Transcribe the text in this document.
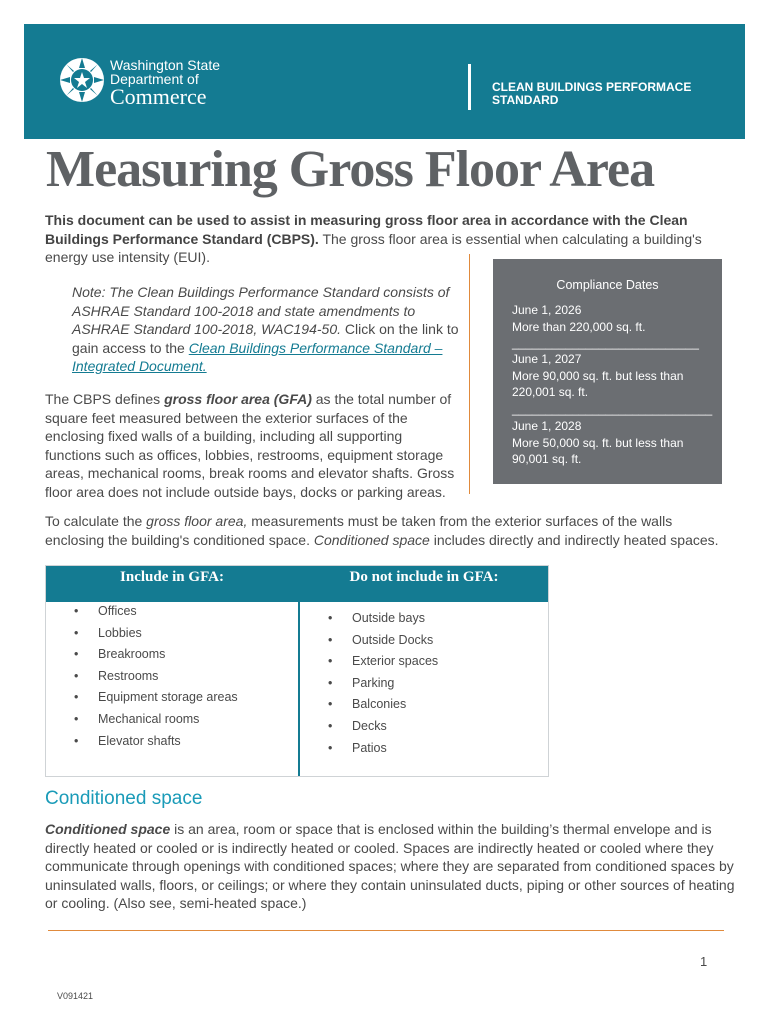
Washington State
Department of
Commerce	CLEAN BUILDINGS PERFORMACE STANDARD
Measuring Gross Floor Area

This document can be used to assist in measuring gross floor area in accordance with the Clean Buildings Performance Standard (CBPS). The gross floor area is essential when calculating a building's energy use intensity (EUI).

Note: The Clean Buildings Performance Standard consists of ASHRAE Standard 100-2018 and state amendments to ASHRAE Standard 100-2018, WAC194-50. Click on the link to gain access to the Clean Buildings Performance Standard – Integrated Document.

The CBPS defines gross floor area (GFA) as the total number of square feet measured between the exterior surfaces of the enclosing fixed walls of a building, including all supporting functions such as offices, lobbies, restrooms, equipment storage areas, mechanical rooms, break rooms and elevator shafts. Gross floor area does not include outside bays, docks or parking areas.

Compliance Dates
June 1, 2026
More than 220,000 sq. ft.
____________________________
June 1, 2027
More 90,000 sq. ft. but less than 220,001 sq. ft.
______________________________
June 1, 2028
More 50,000 sq. ft. but less than 90,001 sq. ft.

To calculate the gross floor area, measurements must be taken from the exterior surfaces of the walls enclosing the building's conditioned space. Conditioned space includes directly and indirectly heated spaces.

Include in GFA:	Do not include in GFA:
• Offices
• Lobbies
• Breakrooms
• Restrooms
• Equipment storage areas
• Mechanical rooms
• Elevator shafts
• Outside bays
• Outside Docks
• Exterior spaces
• Parking
• Balconies
• Decks
• Patios
Conditioned space

Conditioned space is an area, room or space that is enclosed within the building’s thermal envelope and is directly heated or cooled or is indirectly heated or cooled. Spaces are indirectly heated or cooled where they communicate through openings with conditioned spaces; where they are separated from conditioned spaces by uninsulated walls, floors, or ceilings; or where they contain uninsulated ducts, piping or other sources of heating or cooling. (Also see, semi-heated space.)

1
V091421
